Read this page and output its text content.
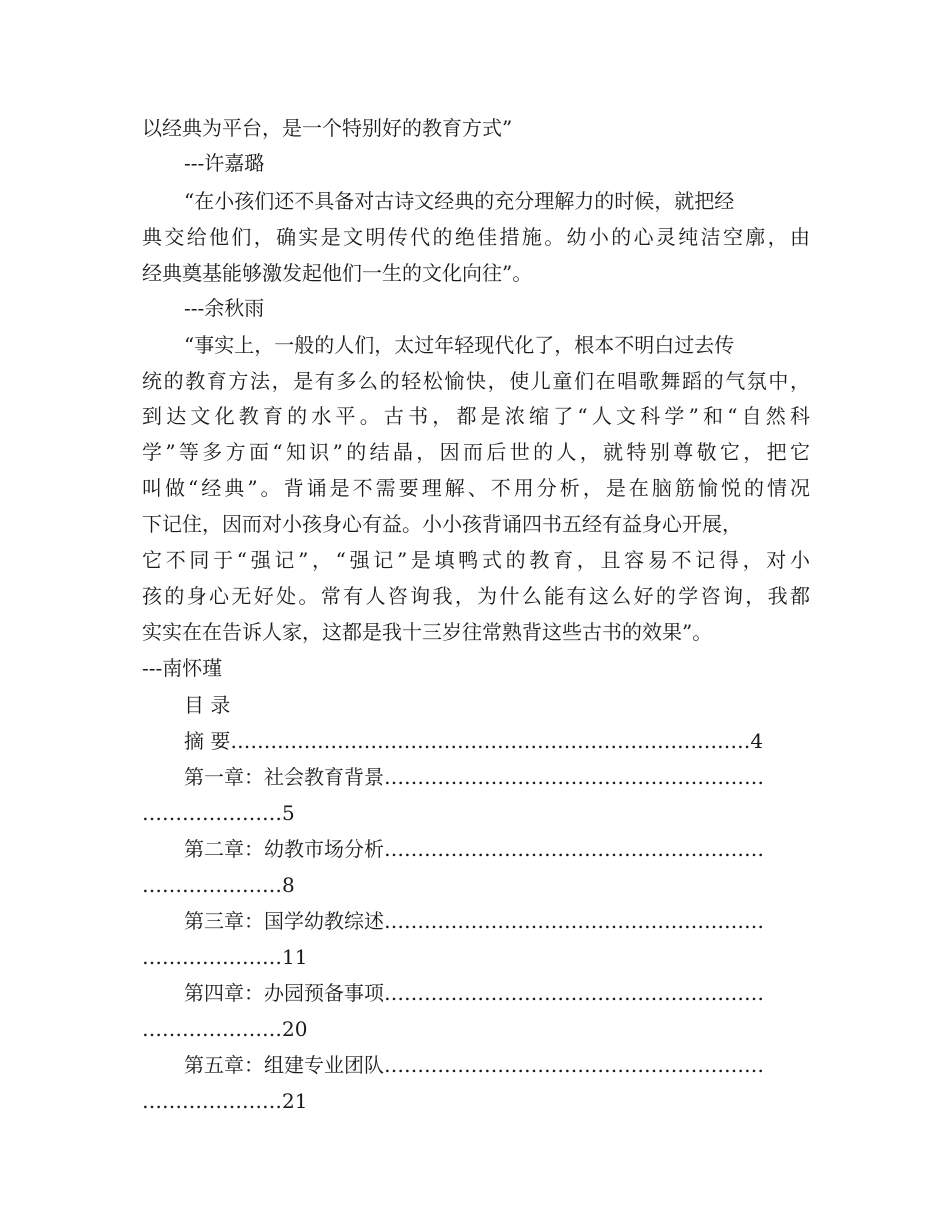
以经典为平台，是一个特别好的教育方式”
---许嘉璐
“在小孩们还不具备对古诗文经典的充分理解力的时候，就把经
典交给他们，确实是文明传代的绝佳措施。幼小的心灵纯洁空廓，由
经典奠基能够激发起他们一生的文化向往”。
---余秋雨
“事实上，一般的人们，太过年轻现代化了，根本不明白过去传
统的教育方法，是有多么的轻松愉快，使儿童们在唱歌舞蹈的气氛中，
到达文化教育的水平。古书，都是浓缩了“人文科学”和“自然科
学”等多方面“知识”的结晶，因而后世的人，就特别尊敬它，把它
叫做“经典”。背诵是不需要理解、不用分析，是在脑筋愉悦的情况
下记住，因而对小孩身心有益。小小孩背诵四书五经有益身心开展，
它不同于“强记”，“强记”是填鸭式的教育，且容易不记得，对小
孩的身心无好处。常有人咨询我，为什么能有这么好的学咨询，我都
实实在在告诉人家，这都是我十三岁往常熟背这些古书的效果”。
---南怀瑾
目 录
摘 要……………………………………………………………………4
第一章：社会教育背景…………………………………………………
…………………5
第二章：幼教市场分析…………………………………………………
…………………8
第三章：国学幼教综述…………………………………………………
…………………11
第四章：办园预备事项…………………………………………………
…………………20
第五章：组建专业团队…………………………………………………
…………………21
